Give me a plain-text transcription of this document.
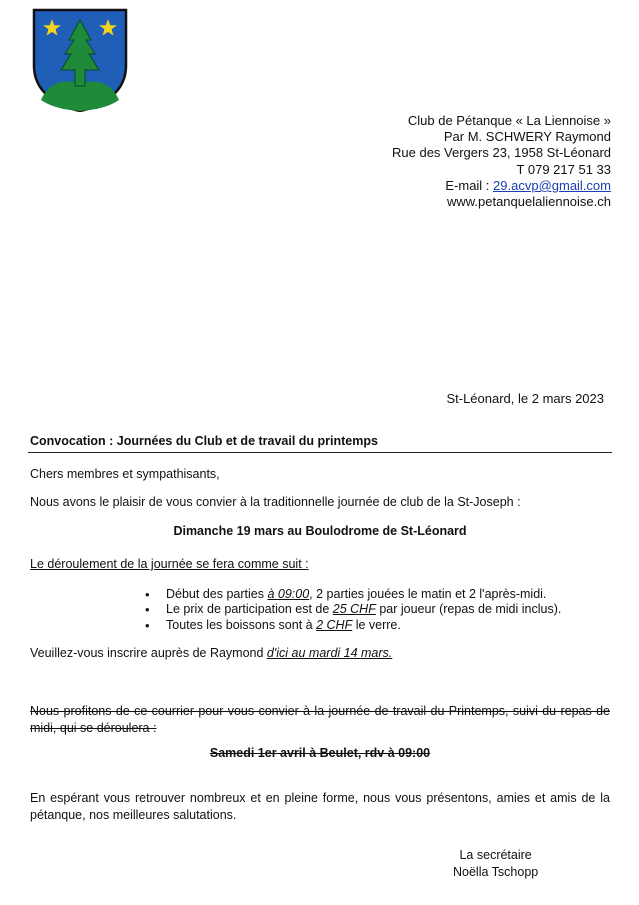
Club de Pétanque « La Liennoise »
Par M. SCHWERY Raymond
Rue des Vergers 23, 1958 St-Léonard
T 079 217 51 33
E-mail : 29.acvp@gmail.com
www.petanquelaliennoise.ch
St-Léonard, le 2 mars 2023
Convocation : Journées du Club et de travail du printemps
Chers membres et sympathisants,
Nous avons le plaisir de vous convier à la traditionnelle journée de club de la St-Joseph :
Dimanche 19 mars au Boulodrome de St-Léonard
Le déroulement de la journée se fera comme suit :
• Début des parties à 09:00, 2 parties jouées le matin et 2 l'après-midi.
• Le prix de participation est de 25 CHF par joueur (repas de midi inclus).
• Toutes les boissons sont à 2 CHF le verre.
Veuillez-vous inscrire auprès de Raymond d'ici au mardi 14 mars.
Nous profitons de ce courrier pour vous convier à la journée de travail du Printemps, suivi du repas de midi, qui se déroulera :
Samedi 1er avril à Beulet, rdv à 09:00
En espérant vous retrouver nombreux et en pleine forme, nous vous présentons, amies et amis de la pétanque, nos meilleures salutations.
La secrétaire
Noëlla Tschopp
